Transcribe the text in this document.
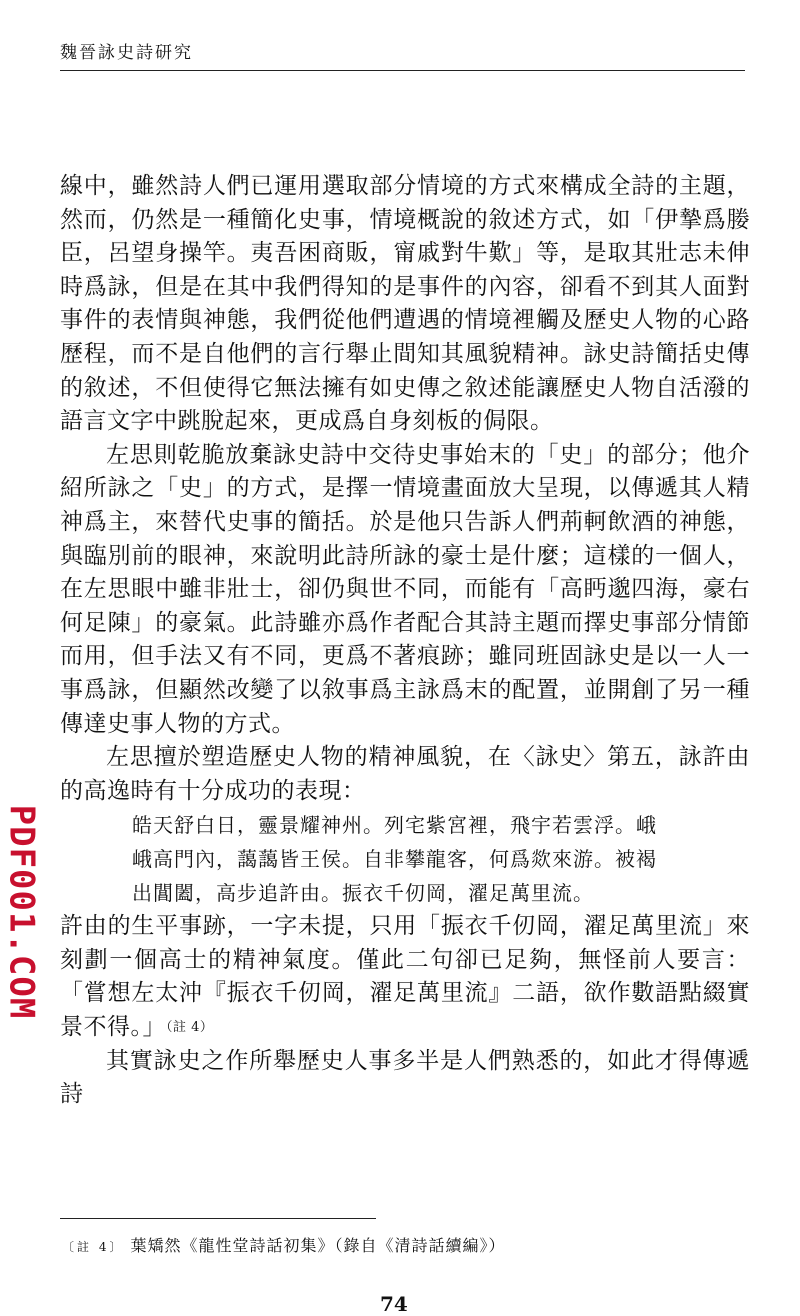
魏晉詠史詩研究

線中，雖然詩人們已運用選取部分情境的方式來構成全詩的主題，然而，仍然是一種簡化史事，情境概說的敘述方式，如「伊摯爲媵臣，呂望身操竿。夷吾困商販，甯戚對牛歎」等，是取其壯志未伸時爲詠，但是在其中我們得知的是事件的內容，卻看不到其人面對事件的表情與神態，我們從他們遭遇的情境裡觸及歷史人物的心路歷程，而不是自他們的言行舉止間知其風貌精神。詠史詩簡括史傳的敘述，不但使得它無法擁有如史傳之敘述能讓歷史人物自活潑的語言文字中跳脫起來，更成爲自身刻板的侷限。

左思則乾脆放棄詠史詩中交待史事始末的「史」的部分；他介紹所詠之「史」的方式，是擇一情境畫面放大呈現，以傳遞其人精神爲主，來替代史事的簡括。於是他只告訴人們荊軻飲酒的神態，與臨別前的眼神，來說明此詩所詠的豪士是什麼；這樣的一個人，在左思眼中雖非壯士，卻仍與世不同，而能有「高眄邈四海，豪右何足陳」的豪氣。此詩雖亦爲作者配合其詩主題而擇史事部分情節而用，但手法又有不同，更爲不著痕跡；雖同班固詠史是以一人一事爲詠，但顯然改變了以敘事爲主詠爲末的配置，並開創了另一種傳達史事人物的方式。

左思擅於塑造歷史人物的精神風貌，在〈詠史〉第五，詠許由的高逸時有十分成功的表現：

皓天舒白日，靈景耀神州。列宅紫宮裡，飛宇若雲浮。峨
峨高門內，藹藹皆王侯。自非攀龍客，何爲欻來游。被褐
出閶闔，高步追許由。振衣千仞岡，濯足萬里流。

許由的生平事跡，一字未提，只用「振衣千仞岡，濯足萬里流」來刻劃一個高士的精神氣度。僅此二句卻已足夠，無怪前人要言：「嘗想左太沖『振衣千仞岡，濯足萬里流』二語，欲作數語點綴實景不得。」（註 4）

其實詠史之作所舉歷史人事多半是人們熟悉的，如此才得傳遞詩

〔註 4〕 葉矯然《龍性堂詩話初集》（錄自《清詩話續編》）
74
PDF001.COM
